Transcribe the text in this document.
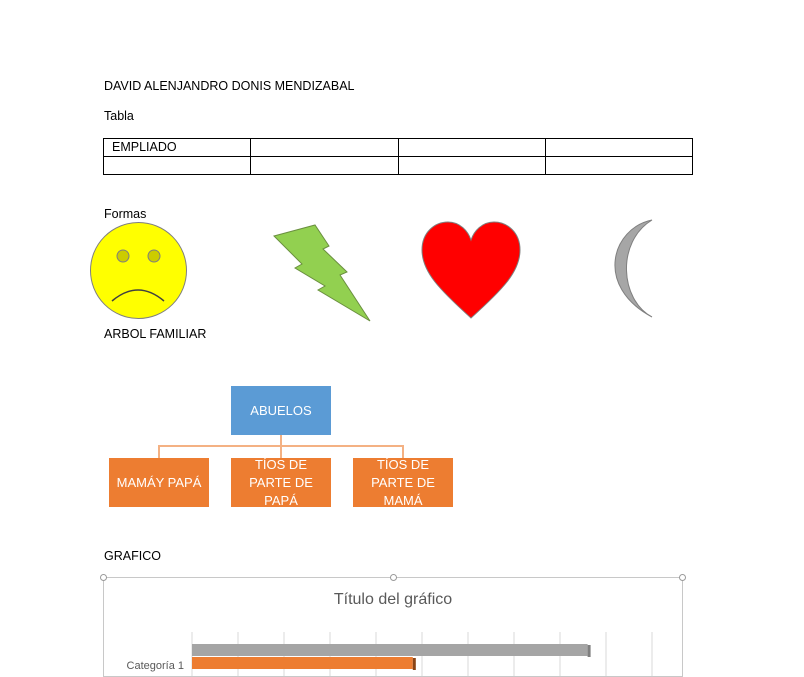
DAVID ALENJANDRO DONIS MENDIZABAL
Tabla
EMPLIADO			

Formas
ARBOL FAMILIAR
ABUELOS
MAMÁY PAPÁ
TÍOS DE PARTE DE PAPÁ
TÍOS DE PARTE DE MAMÁ
GRAFICO
Título del gráfico
Categoría 1
